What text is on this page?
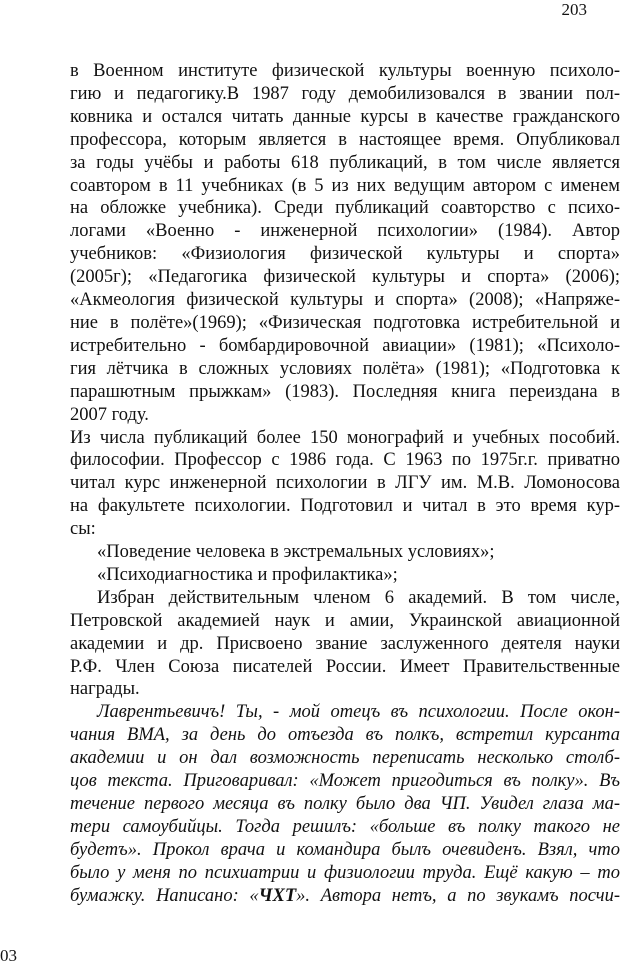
203
в Военном институте физической культуры военную психоло-
гию и педагогику.В 1987 году демобилизовался в звании пол-
ковника и остался читать данные курсы в качестве гражданского
профессора, которым является в настоящее время. Опубликовал
за годы учёбы и работы 618 публикаций, в том числе является
соавтором в 11 учебниках (в 5 из них ведущим автором с именем
на обложке учебника). Среди публикаций соавторство с психо-
логами «Военно - инженерной психологии» (1984). Автор
учебников: «Физиология физической культуры и спорта»
(2005г); «Педагогика физической культуры и спорта» (2006);
«Акмеология физической культуры и спорта» (2008); «Напряже-
ние в полёте»(1969); «Физическая подготовка истребительной и
истребительно - бомбардировочной авиации» (1981); «Психоло-
гия лётчика в сложных условиях полёта» (1981); «Подготовка к
парашютным прыжкам» (1983). Последняя книга переиздана в
2007 году.
Из числа публикаций более 150 монографий и учебных пособий.
философии. Профессор с 1986 года. С 1963 по 1975г.г. приватно
читал курс инженерной психологии в ЛГУ им. М.В. Ломоносова
на факультете психологии. Подготовил и читал в это время кур-
сы:
«Поведение человека в экстремальных условиях»;
«Психодиагностика и профилактика»;
Избран действительным членом 6 академий. В том числе,
Петровской академией наук и амии, Украинской авиационной
академии и др. Присвоено звание заслуженного деятеля науки
Р.Ф. Член Союза писателей России. Имеет Правительственные
награды.
Лаврентьевичъ! Ты, - мой отецъ въ психологии. После окон-
чания ВМА, за день до отъезда въ полкъ, встретил курсанта
академии и он дал возможность переписать несколько столб-
цов текста. Приговаривал: «Может пригодиться въ полку». Въ
течение первого месяца въ полку было два ЧП. Увидел глаза ма-
тери самоубийцы. Тогда решилъ: «больше въ полку такого не
будетъ». Прокол врача и командира былъ очевиденъ. Взял, что
было у меня по психиатрии и физиологии труда. Ещё какую – то
бумажку. Написано: «ЧХТ». Автора нетъ, а по звукамъ посчи-
03
